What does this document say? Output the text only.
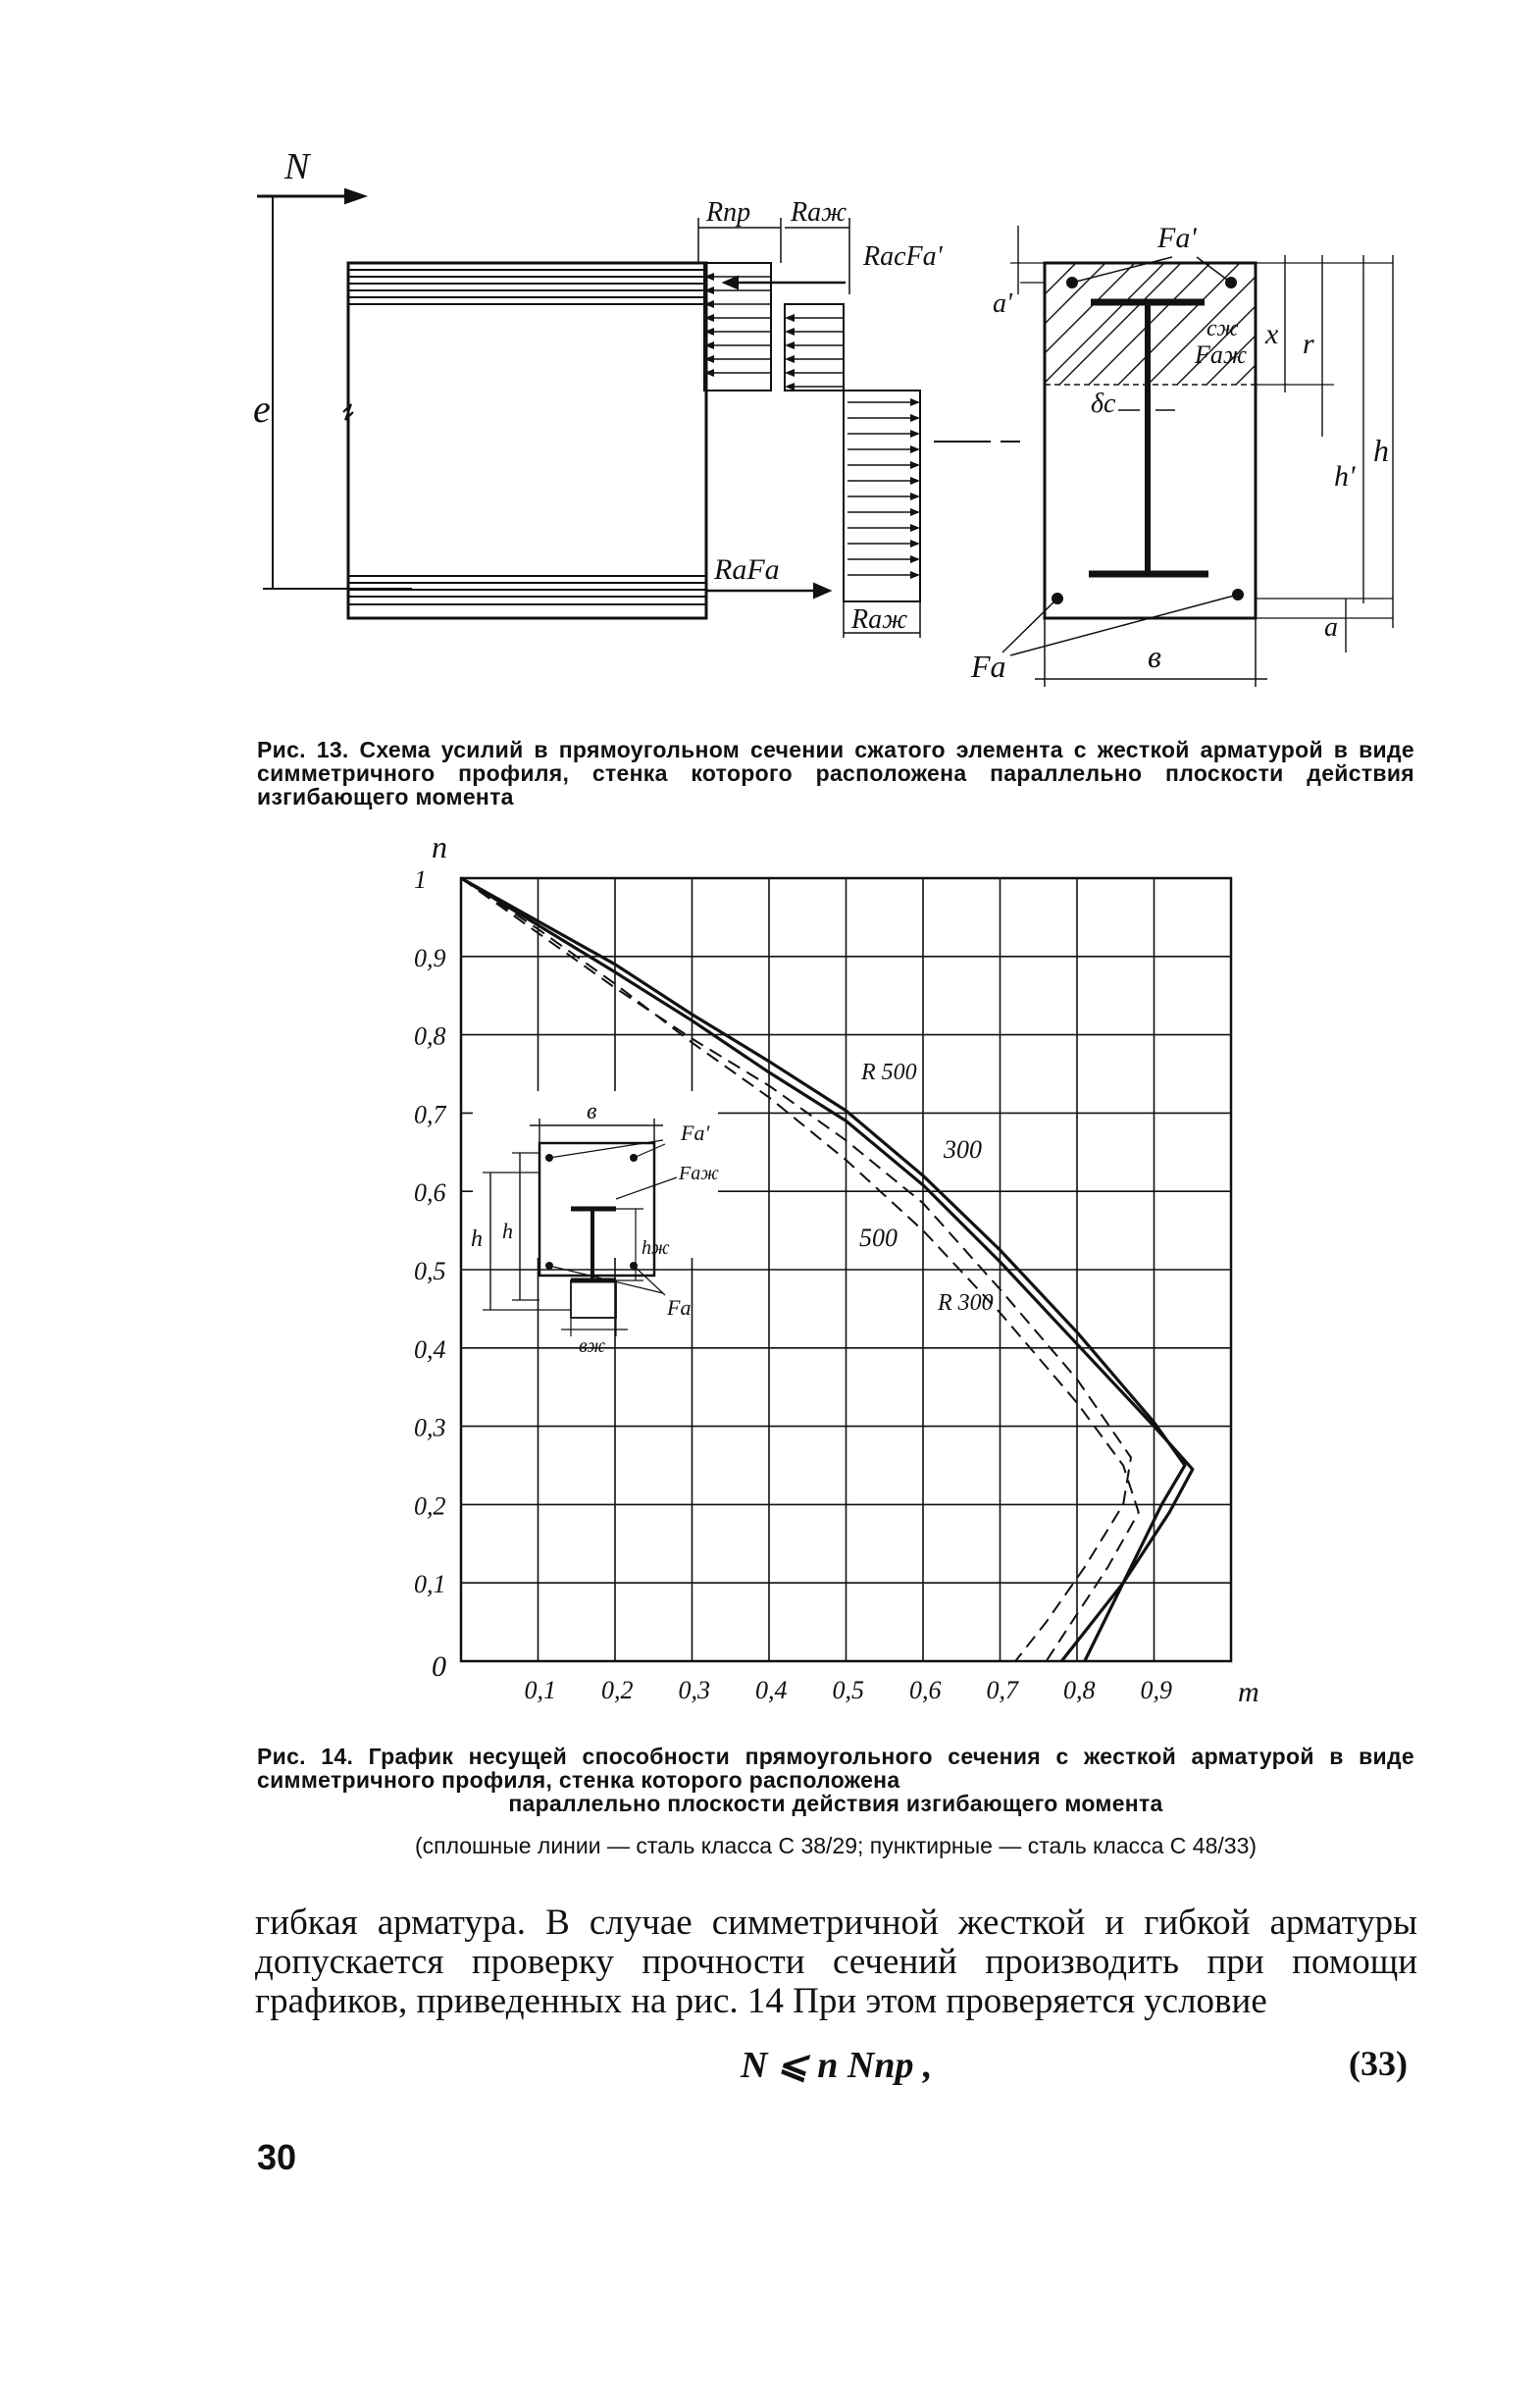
N
e
Rпр Rаж
RacFa'
RaFa
Rаж
Fa'
a'
сж
Fаж
x r
δc
h'
h
a
Fa	в
Рис. 13. Схема усилий в прямоугольном сечении сжатого элемента с жесткой арматурой в виде симметричного профиля, стенка которого расположена параллельно плоскости действия изгибающего момента
0,1 0,2 0,3 0,4 0,5 0,6 0,7 0,8 0,9
0,1
0,2
0,3
0,4
0,5
0,6
0,7
0,8
0,9
1
n
m
0
R 500
300
500
R 300
в
Fa'
Fаж
h h
hж
вж
Fa
Рис. 14. График несущей способности прямоугольного сечения с жесткой арматурой в виде симметричного профиля, стенка которого расположена
параллельно плоскости действия изгибающего момента
(сплошные линии — сталь класса С 38/29; пунктирные — сталь класса С 48/33)
гибкая арматура. В случае симметричной жесткой и гибкой арматуры допускается проверку прочности сечений производить при помощи графиков, приведенных на рис. 14 При этом проверяется условие
N ⩽ n Nпр ,	(33)
30
